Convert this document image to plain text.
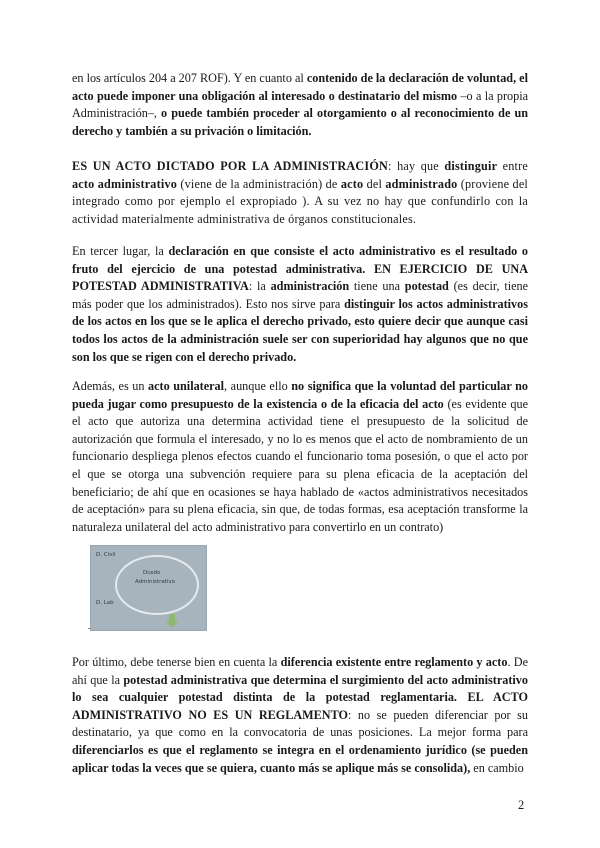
en los artículos 204 a 207 ROF). Y en cuanto al contenido de la declaración de voluntad, el acto puede imponer una obligación al interesado o destinatario del mismo –o a la propia Administración–, o puede también proceder al otorgamiento o al reconocimiento de un derecho y también a su privación o limitación.

ES UN ACTO DICTADO POR LA ADMINISTRACIÓN: hay que distinguir entre acto administrativo (viene de la administración) de acto del administrado (proviene del integrado como por ejemplo el expropiado ). A su vez no hay que confundirlo con la actividad materialmente administrativa de órganos constitucionales.

En tercer lugar, la declaración en que consiste el acto administrativo es el resultado o fruto del ejercicio de una potestad administrativa. EN EJERCICIO DE UNA POTESTAD ADMINISTRATIVA: la administración tiene una potestad (es decir, tiene más poder que los administrados). Esto nos sirve para distinguir los actos administrativos de los actos en los que se le aplica el derecho privado, esto quiere decir que aunque casi todos los actos de la administración suele ser con superioridad hay algunos que no que son los que se rigen con el derecho privado.

Además, es un acto unilateral, aunque ello no significa que la voluntad del particular no pueda jugar como presupuesto de la existencia o de la eficacia del acto (es evidente que el acto que autoriza una determina actividad tiene el presupuesto de la solicitud de autorización que formula el interesado, y no lo es menos que el acto de nombramiento de un funcionario despliega plenos efectos cuando el funcionario toma posesión, o que el acto por el que se otorga una subvención requiere para su plena eficacia de la aceptación del beneficiario; de ahí que en ocasiones se haya hablado de «actos administrativos necesitados de aceptación» para su plena eficacia, sin que, de todas formas, esa aceptación transforme la naturaleza unilateral del acto administrativo para convertirlo en un contrato)

Por último, debe tenerse bien en cuenta la diferencia existente entre reglamento y acto. De ahí que la potestad administrativa que determina el surgimiento del acto administrativo lo sea cualquier potestad distinta de la potestad reglamentaria. EL ACTO ADMINISTRATIVO NO ES UN REGLAMENTO: no se pueden diferenciar por su destinatario, ya que como en la convocatoria de unas posiciones. La mejor forma para diferenciarlos es que el reglamento se integra en el ordenamiento jurídico (se pueden aplicar todas la veces que se quiera, cuanto más se aplique más se consolida), en cambio

D. Civil
Dcedo
Administrativo
D. Lab
2
